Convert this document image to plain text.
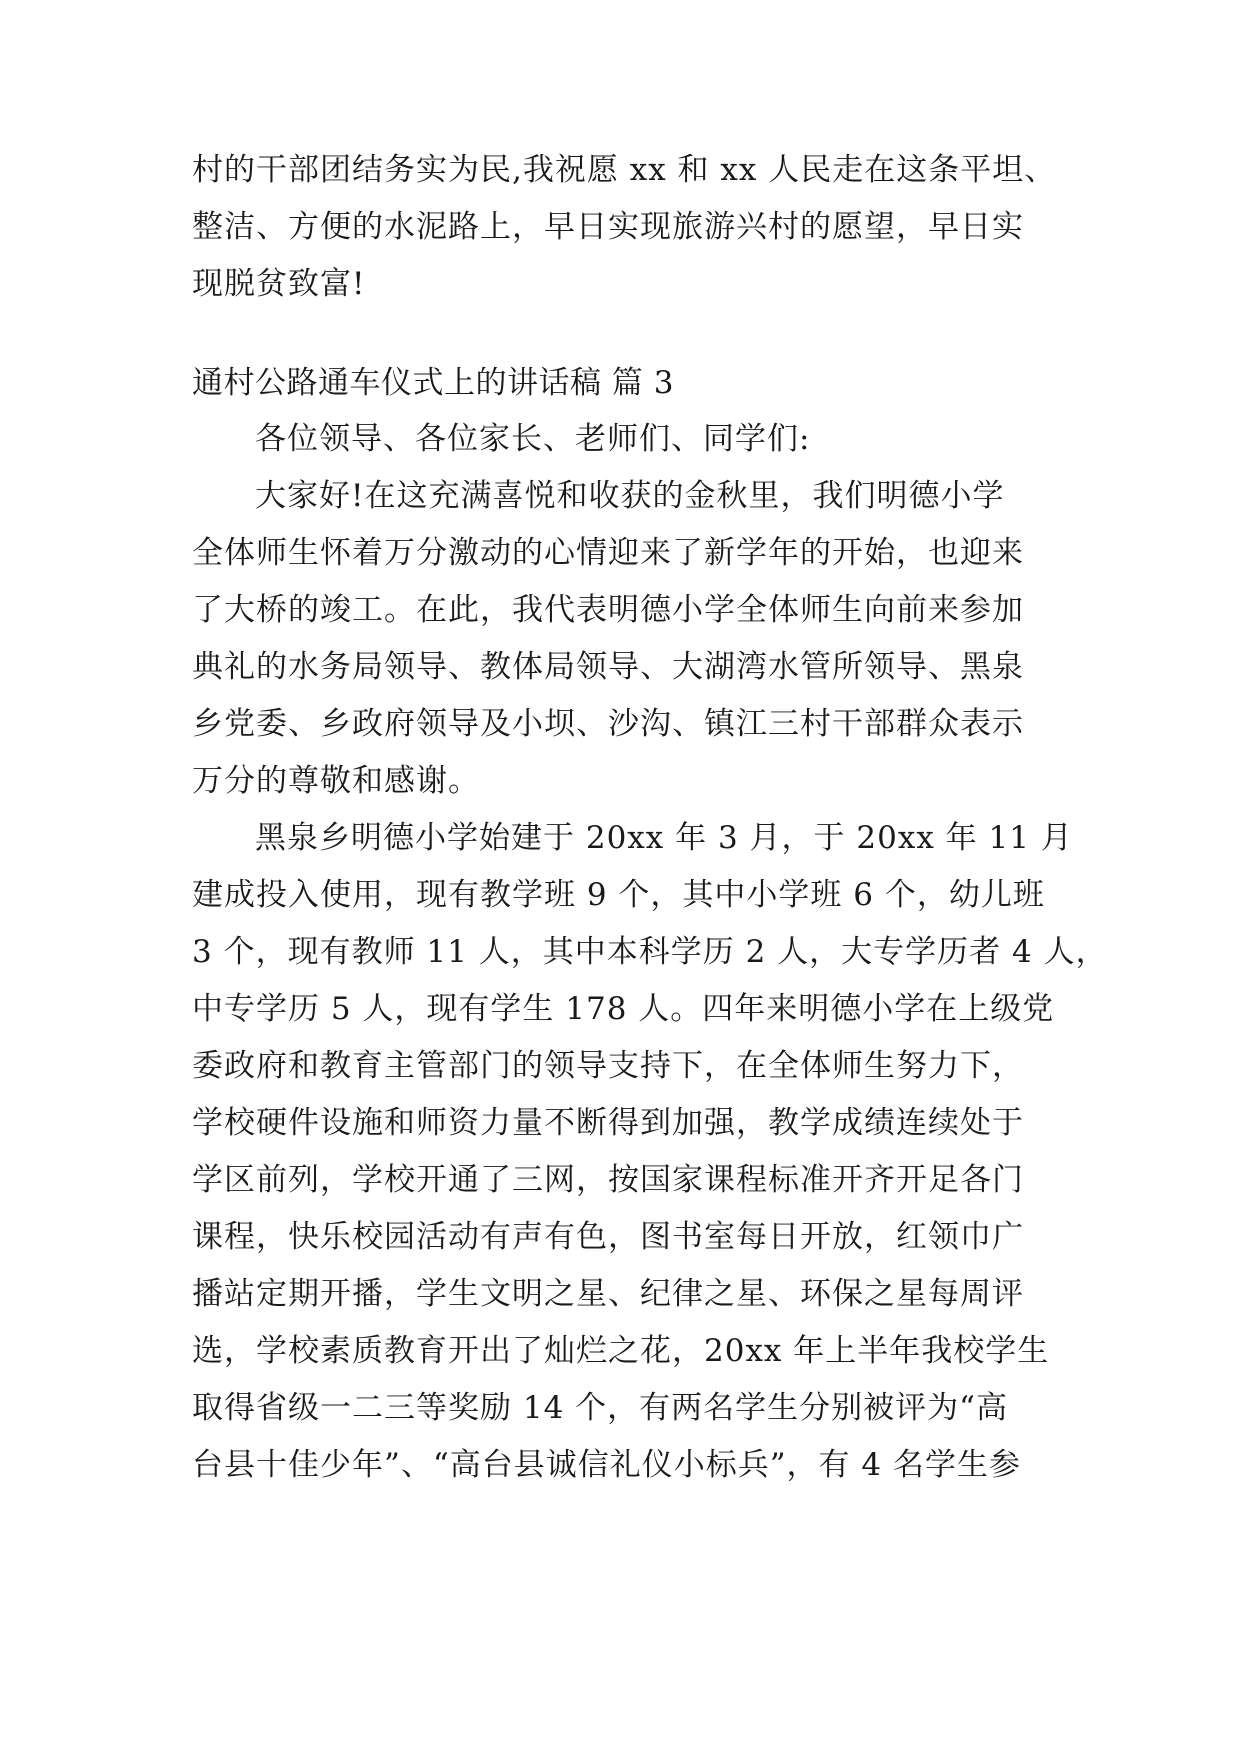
村的干部团结务实为民,我祝愿 xx 和 xx 人民走在这条平坦、
整洁、方便的水泥路上，早日实现旅游兴村的愿望，早日实
现脱贫致富!
通村公路通车仪式上的讲话稿 篇 3
各位领导、各位家长、老师们、同学们:
大家好!在这充满喜悦和收获的金秋里，我们明德小学
全体师生怀着万分激动的心情迎来了新学年的开始，也迎来
了大桥的竣工。在此，我代表明德小学全体师生向前来参加
典礼的水务局领导、教体局领导、大湖湾水管所领导、黑泉
乡党委、乡政府领导及小坝、沙沟、镇江三村干部群众表示
万分的尊敬和感谢。
黑泉乡明德小学始建于 20xx 年 3 月，于 20xx 年 11 月
建成投入使用，现有教学班 9 个，其中小学班 6 个，幼儿班
3 个，现有教师 11 人，其中本科学历 2 人，大专学历者 4 人，
中专学历 5 人，现有学生 178 人。四年来明德小学在上级党
委政府和教育主管部门的领导支持下，在全体师生努力下，
学校硬件设施和师资力量不断得到加强，教学成绩连续处于
学区前列，学校开通了三网，按国家课程标准开齐开足各门
课程，快乐校园活动有声有色，图书室每日开放，红领巾广
播站定期开播，学生文明之星、纪律之星、环保之星每周评
选，学校素质教育开出了灿烂之花，20xx 年上半年我校学生
取得省级一二三等奖励 14 个，有两名学生分别被评为“高
台县十佳少年”、“高台县诚信礼仪小标兵”，有 4 名学生参
